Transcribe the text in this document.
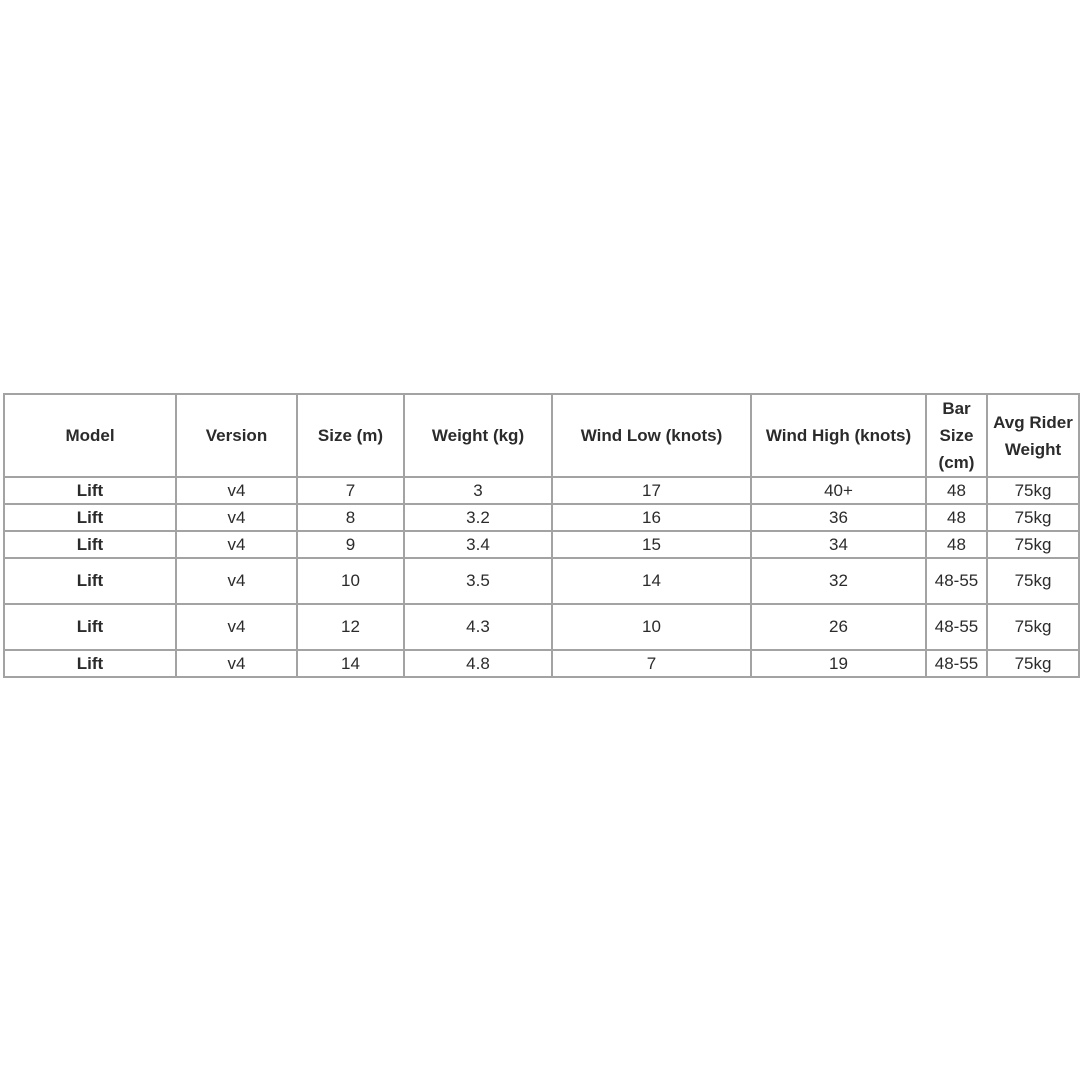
Model	Version	Size (m)	Weight (kg)	Wind Low (knots)	Wind High (knots)	Bar Size (cm)	Avg Rider Weight
Lift	v4	7	3	17	40+	48	75kg
Lift	v4	8	3.2	16	36	48	75kg
Lift	v4	9	3.4	15	34	48	75kg
Lift	v4	10	3.5	14	32	48-55	75kg
Lift	v4	12	4.3	10	26	48-55	75kg
Lift	v4	14	4.8	7	19	48-55	75kg
